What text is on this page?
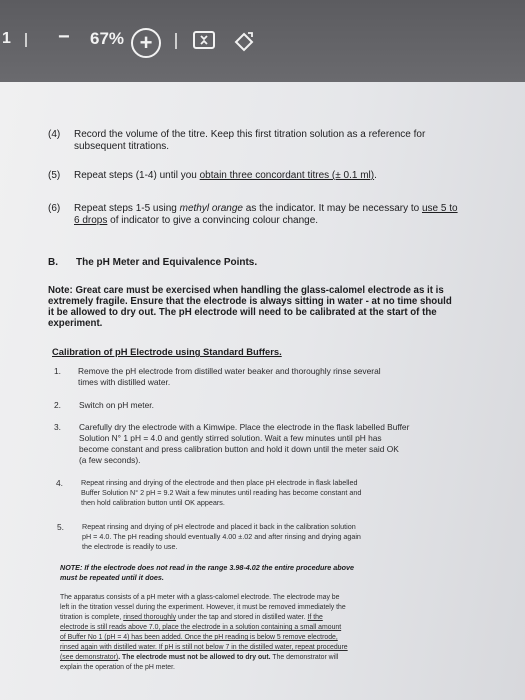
1 − 67% +
(4) Record the volume of the titre. Keep this first titration solution as a reference for
subsequent titrations.
(5) Repeat steps (1-4) until you obtain three concordant titres (± 0.1 ml).
(6) Repeat steps 1-5 using methyl orange as the indicator. It may be necessary to use 5 to
6 drops of indicator to give a convincing colour change.
B. The pH Meter and Equivalence Points.
Note: Great care must be exercised when handling the glass-calomel electrode as it is
extremely fragile. Ensure that the electrode is always sitting in water - at no time should
it be allowed to dry out. The pH electrode will need to be calibrated at the start of the
experiment.
Calibration of pH Electrode using Standard Buffers.
1. Remove the pH electrode from distilled water beaker and thoroughly rinse several
times with distilled water.
2. Switch on pH meter.
3. Carefully dry the electrode with a Kimwipe. Place the electrode in the flask labelled Buffer
Solution N° 1 pH = 4.0 and gently stirred solution. Wait a few minutes until pH has
become constant and press calibration button and hold it down until the meter said OK
(a few seconds).
4.	Repeat rinsing and drying of the electrode and then place pH electrode in flask labelled
Buffer Solution N° 2 pH = 9.2 Wait a few minutes until reading has become constant and
then hold calibration button until OK appears.
5.	Repeat rinsing and drying of pH electrode and placed it back in the calibration solution
pH = 4.0. The pH reading should eventually 4.00 ±.02 and after rinsing and drying again
the electrode is readily to use.
NOTE: If the electrode does not read in the range 3.98-4.02 the entire procedure above
must be repeated until it does.
The apparatus consists of a pH meter with a glass-calomel electrode. The electrode may be
left in the titration vessel during the experiment. However, it must be removed immediately the
titration is complete, rinsed thoroughly under the tap and stored in distilled water. If the
electrode is still reads above 7.0, place the electrode in a solution containing a small amount
of Buffer No 1 (pH = 4) has been added. Once the pH reading is below 5 remove electrode,
rinsed again with distilled water. If pH is still not below 7 in the distilled water, repeat procedure
(see demonstrator). The electrode must not be allowed to dry out. The demonstrator will
explain the operation of the pH meter.
